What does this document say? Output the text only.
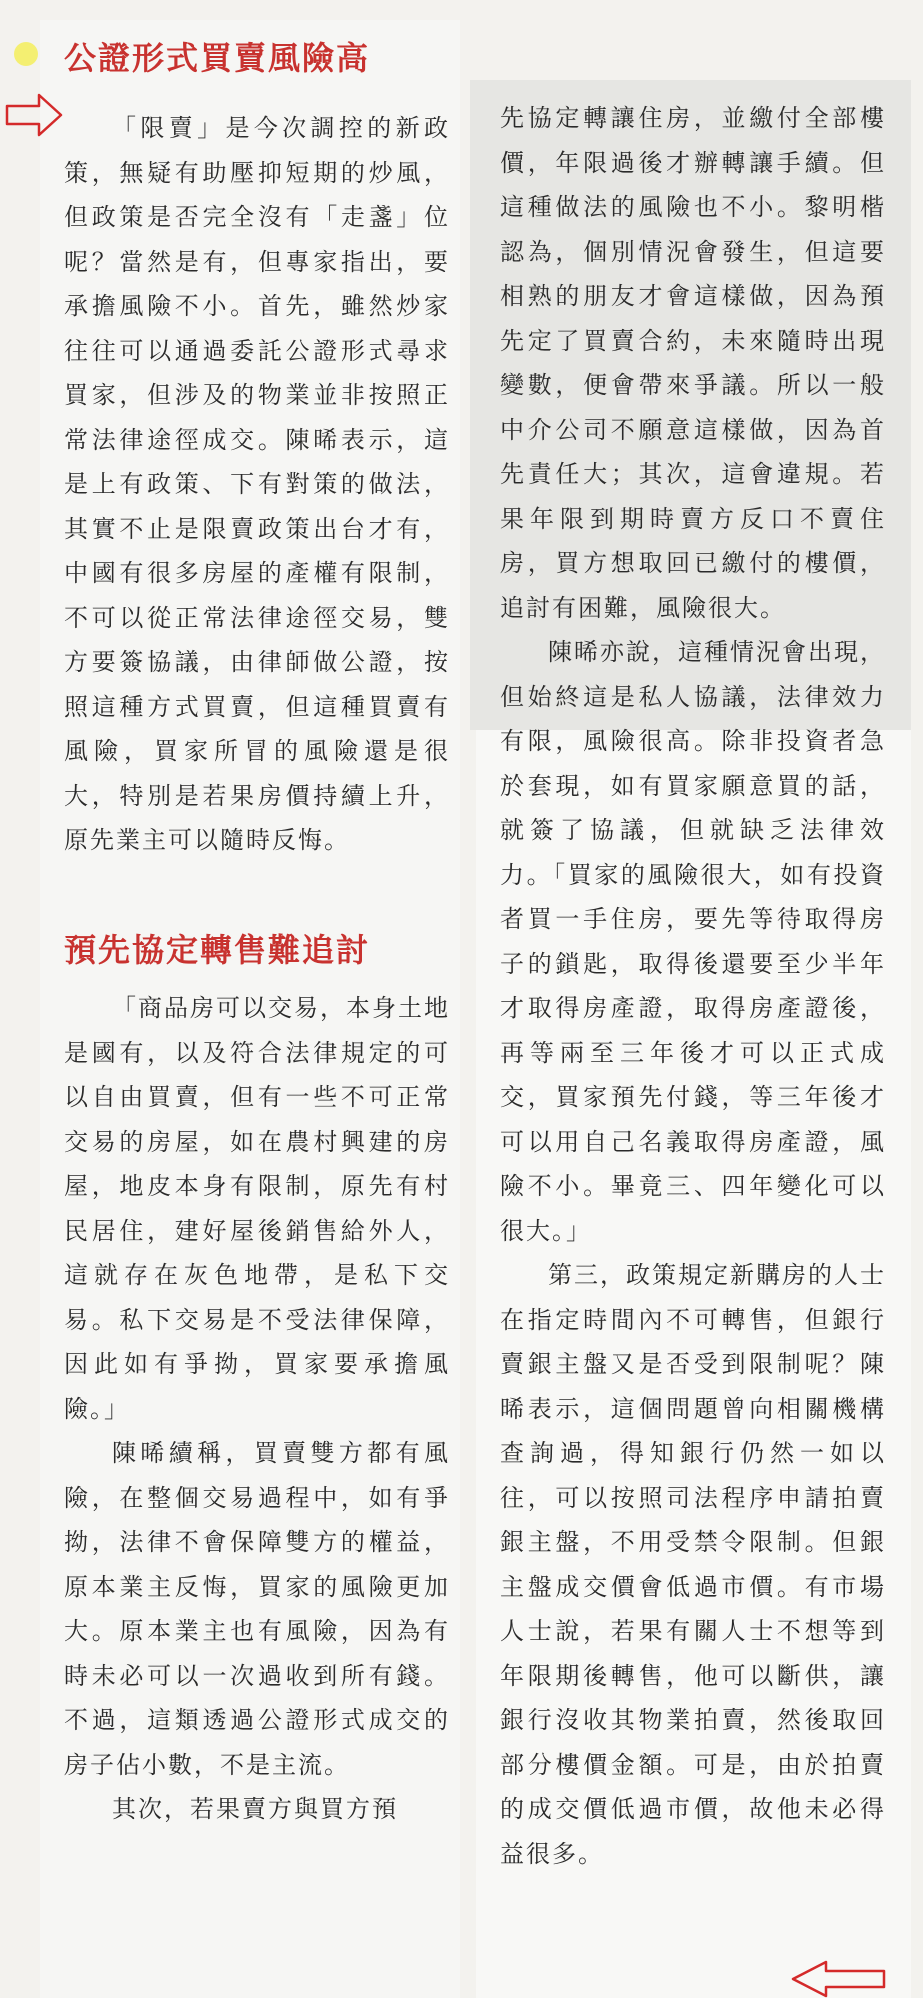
公證形式買賣風險高

「限賣」是今次調控的新政策，無疑有助壓抑短期的炒風，但政策是否完全沒有「走盞」位呢？當然是有，但專家指出，要承擔風險不小。首先，雖然炒家往往可以通過委託公證形式尋求買家，但涉及的物業並非按照正常法律途徑成交。陳晞表示，這是上有政策、下有對策的做法，其實不止是限賣政策出台才有，中國有很多房屋的產權有限制，不可以從正常法律途徑交易，雙方要簽協議，由律師做公證，按照這種方式買賣，但這種買賣有風險，買家所冒的風險還是很大，特別是若果房價持續上升，原先業主可以隨時反悔。

預先協定轉售難追討

「商品房可以交易，本身土地是國有，以及符合法律規定的可以自由買賣，但有一些不可正常交易的房屋，如在農村興建的房屋，地皮本身有限制，原先有村民居住，建好屋後銷售給外人，這就存在灰色地帶，是私下交易。私下交易是不受法律保障，因此如有爭拗，買家要承擔風險。」

陳晞續稱，買賣雙方都有風險，在整個交易過程中，如有爭拗，法律不會保障雙方的權益，原本業主反悔，買家的風險更加大。原本業主也有風險，因為有時未必可以一次過收到所有錢。不過，這類透過公證形式成交的房子佔小數，不是主流。

其次，若果賣方與買方預

先協定轉讓住房，並繳付全部樓價，年限過後才辦轉讓手續。但這種做法的風險也不小。黎明楷認為，個別情況會發生，但這要相熟的朋友才會這樣做，因為預先定了買賣合約，未來隨時出現變數，便會帶來爭議。所以一般中介公司不願意這樣做，因為首先責任大；其次，這會違規。若果年限到期時賣方反口不賣住房，買方想取回已繳付的樓價，追討有困難，風險很大。

陳晞亦說，這種情況會出現，但始終這是私人協議，法律效力有限，風險很高。除非投資者急於套現，如有買家願意買的話，就簽了協議，但就缺乏法律效力。「買家的風險很大，如有投資者買一手住房，要先等待取得房子的鎖匙，取得後還要至少半年才取得房產證，取得房產證後，再等兩至三年後才可以正式成交，買家預先付錢，等三年後才可以用自己名義取得房產證，風險不小。畢竟三、四年變化可以很大。」

第三，政策規定新購房的人士在指定時間內不可轉售，但銀行賣銀主盤又是否受到限制呢？陳晞表示，這個問題曾向相關機構查詢過，得知銀行仍然一如以往，可以按照司法程序申請拍賣銀主盤，不用受禁令限制。但銀主盤成交價會低過市價。有市場人士說，若果有關人士不想等到年限期後轉售，他可以斷供，讓銀行沒收其物業拍賣，然後取回部分樓價金額。可是，由於拍賣的成交價低過市價，故他未必得益很多。
